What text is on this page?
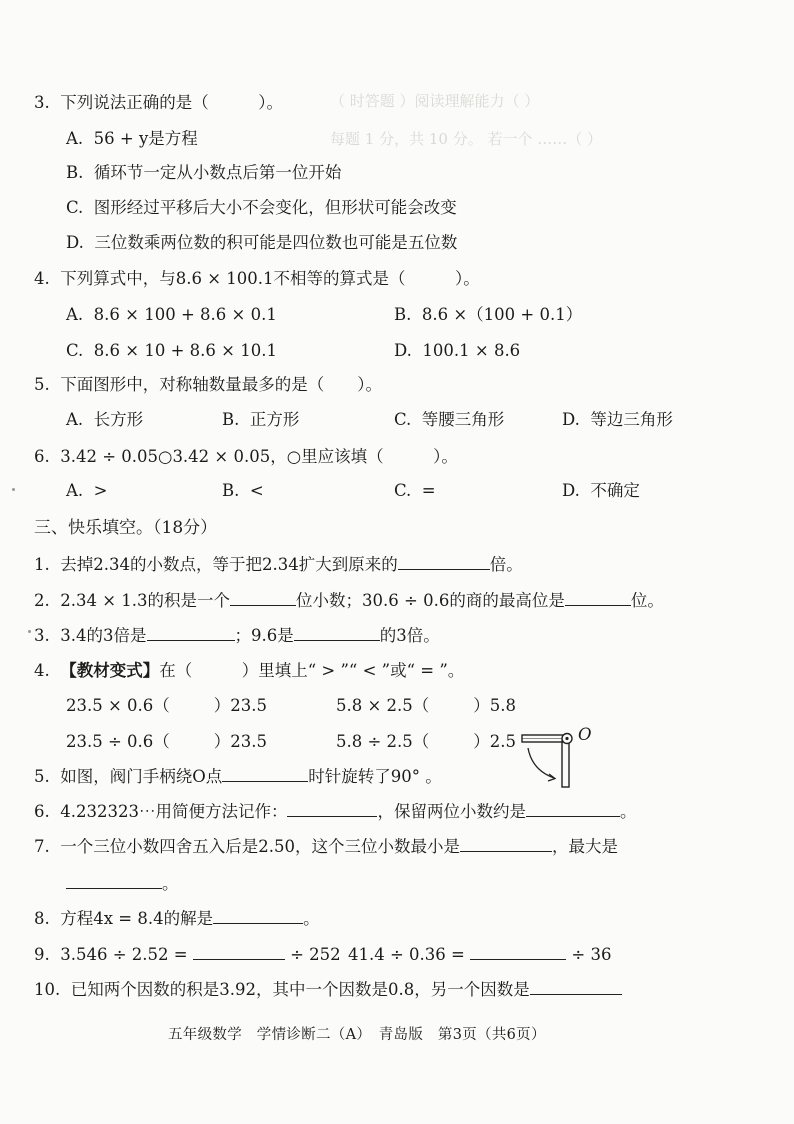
（ 时答题 ）阅读理解能力（ ）
每题 1 分，共 10 分。 若一个 ……（ ）
3. 下列说法正确的是（　　　）。
A. 56 + y是方程
B. 循环节一定从小数点后第一位开始
C. 图形经过平移后大小不会变化，但形状可能会改变
D. 三位数乘两位数的积可能是四位数也可能是五位数
4. 下列算式中，与8.6 × 100.1不相等的算式是（　　　）。
A. 8.6 × 100 + 8.6 × 0.1	B. 8.6 ×（100 + 0.1）
C. 8.6 × 10 + 8.6 × 10.1	D. 100.1 × 8.6
5. 下面图形中，对称轴数量最多的是（　　）。
A. 长方形	B. 正方形	C. 等腰三角形	D. 等边三角形
6. 3.42 ÷ 0.05○3.42 × 0.05，○里应该填（　　　）。
A. >	B. <	C. =	D. 不确定
三、快乐填空。（18分）
1. 去掉2.34的小数点，等于把2.34扩大到原来的	倍。
2. 2.34 × 1.3的积是一个	位小数；30.6 ÷ 0.6的商的最高位是	位。
3. 3.4的3倍是	；9.6是	的3倍。
4. 【教材变式】在（　　　）里填上“ > ”“ < ”或“ = ”。
23.5 × 0.6（	）23.5	5.8 × 2.5（	）5.8
23.5 ÷ 0.6（	）23.5	5.8 ÷ 2.5（	）2.5	O
5. 如图，阀门手柄绕O点	时针旋转了90° 。
6. 4.232323⋯用简便方法记作：	，保留两位小数约是	。
7. 一个三位小数四舍五入后是2.50，这个三位小数最小是	，最大是
。
8. 方程4x = 8.4的解是	。
9. 3.546 ÷ 2.52 =	÷ 252 41.4 ÷ 0.36 =	÷ 36
10. 已知两个因数的积是3.92，其中一个因数是0.8，另一个因数是
五年级数学　学情诊断二（A）　青岛版　第3页（共6页）
